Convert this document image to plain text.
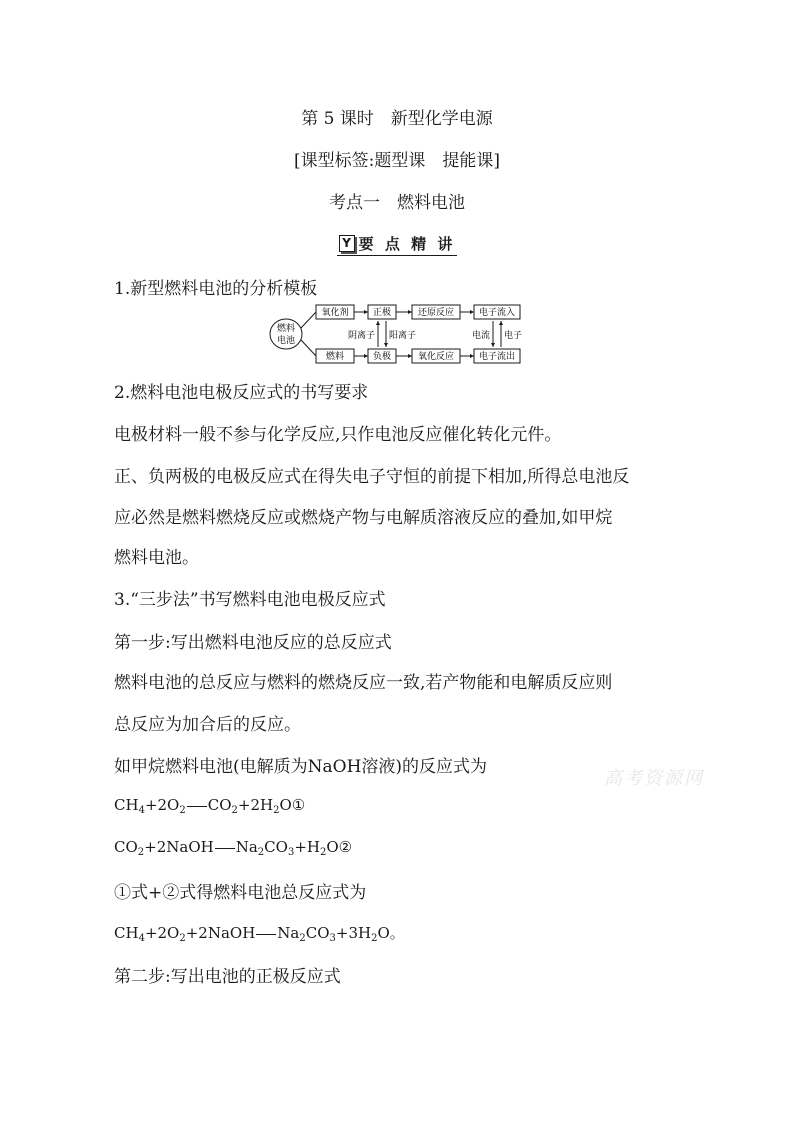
第 5 课时　新型化学电源
[课型标签:题型课　提能课]
考点一　燃料电池
Y 要 点 精 讲
1.新型燃料电池的分析模板
燃料
电池
氧化剂	正极	还原反应	电子流入
燃料	负极	氧化反应	电子流出
阴离子 阳离子	电流 电子
2.燃料电池电极反应式的书写要求
电极材料一般不参与化学反应,只作电池反应催化转化元件。
正、负两极的电极反应式在得失电子守恒的前提下相加,所得总电池反
应必然是燃料燃烧反应或燃烧产物与电解质溶液反应的叠加,如甲烷
燃料电池。
3.“三步法”书写燃料电池电极反应式
第一步:写出燃料电池反应的总反应式
燃料电池的总反应与燃料的燃烧反应一致,若产物能和电解质反应则
总反应为加合后的反应。
如甲烷燃料电池(电解质为NaOH溶液)的反应式为
高考资源网
$CH_4+2O_2$ $CO_2+2H_2O①$
$CO_2+2NaOH$ $Na_2CO_3+H_2O②$
①式+②式得燃料电池总反应式为
$CH_4+2O_2+2NaOH$ $Na_2CO_3+3H_2O$。
第二步:写出电池的正极反应式
